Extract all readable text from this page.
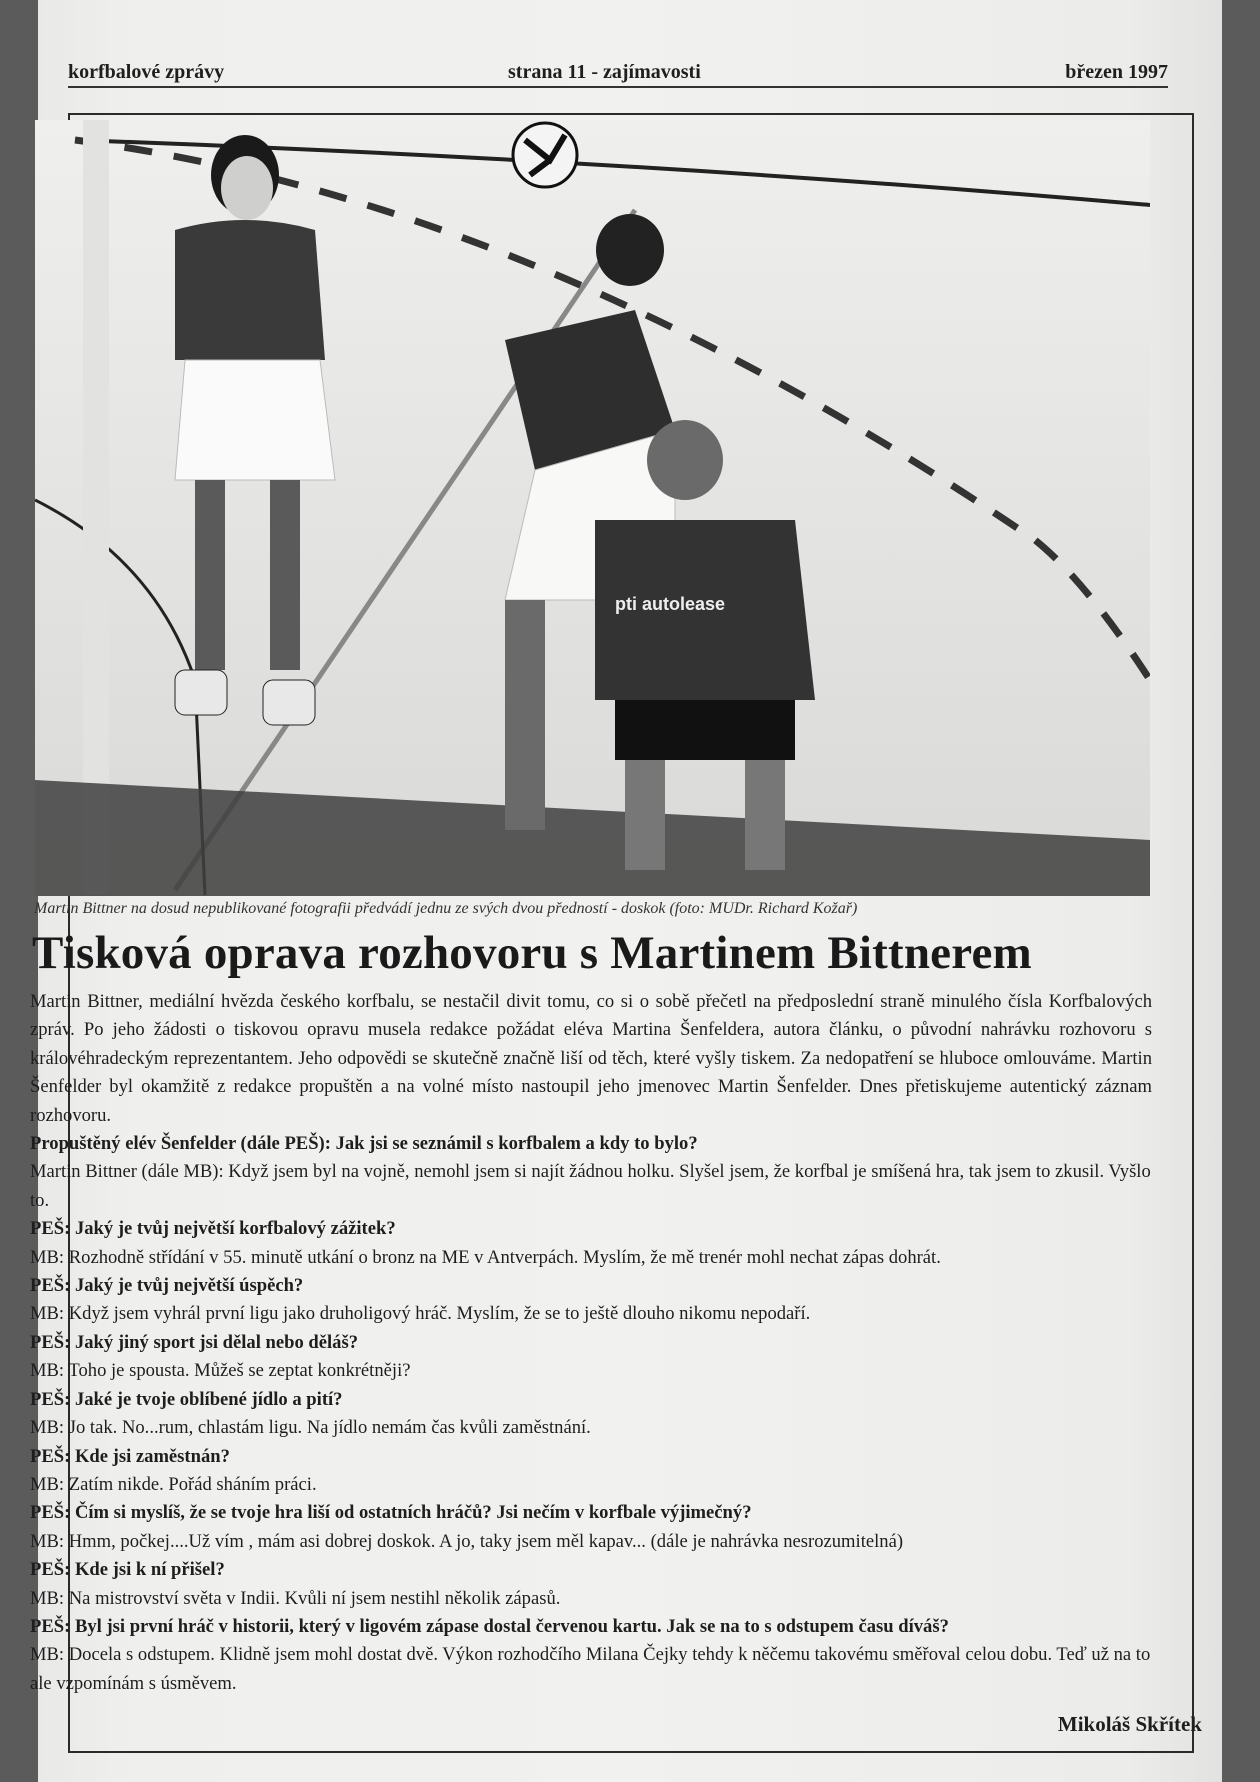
korfbalové zprávy	strana 11 - zajímavosti	březen 1997
pti autolease
Martin Bittner na dosud nepublikované fotografii předvádí jednu ze svých dvou předností - doskok (foto: MUDr. Richard Kožař)
Tisková oprava rozhovoru s Martinem Bittnerem

Martin Bittner, mediální hvězda českého korfbalu, se nestačil divit tomu, co si o sobě přečetl na předposlední straně minulého čísla Korfbalových zpráv. Po jeho žádosti o tiskovou opravu musela redakce požádat eléva Martina Šenfeldera, autora článku, o původní nahrávku rozhovoru s královéhradeckým reprezentantem. Jeho odpovědi se skutečně značně liší od těch, které vyšly tiskem. Za nedopatření se hluboce omlouváme. Martin Šenfelder byl okamžitě z redakce propuštěn a na volné místo nastoupil jeho jmenovec Martin Šenfelder. Dnes přetiskujeme autentický záznam rozhovoru.

Propuštěný elév Šenfelder (dále PEŠ): Jak jsi se seznámil s korfbalem a kdy to bylo?

Martin Bittner (dále MB): Když jsem byl na vojně, nemohl jsem si najít žádnou holku. Slyšel jsem, že korfbal je smíšená hra, tak jsem to zkusil. Vyšlo to.

PEŠ: Jaký je tvůj největší korfbalový zážitek?

MB: Rozhodně střídání v 55. minutě utkání o bronz na ME v Antverpách. Myslím, že mě trenér mohl nechat zápas dohrát.

PEŠ: Jaký je tvůj největší úspěch?

MB: Když jsem vyhrál první ligu jako druholigový hráč. Myslím, že se to ještě dlouho nikomu nepodaří.

PEŠ: Jaký jiný sport jsi dělal nebo děláš?

MB: Toho je spousta. Můžeš se zeptat konkrétněji?

PEŠ: Jaké je tvoje oblíbené jídlo a pití?

MB: Jo tak. No...rum, chlastám ligu. Na jídlo nemám čas kvůli zaměstnání.

PEŠ: Kde jsi zaměstnán?

MB: Zatím nikde. Pořád sháním práci.

PEŠ: Čím si myslíš, že se tvoje hra liší od ostatních hráčů? Jsi nečím v korfbale výjimečný?

MB: Hmm, počkej....Už vím , mám asi dobrej doskok. A jo, taky jsem měl kapav... (dále je nahrávka nesrozumitelná)

PEŠ: Kde jsi k ní přišel?

MB: Na mistrovství světa v Indii. Kvůli ní jsem nestihl několik zápasů.

PEŠ: Byl jsi první hráč v historii, který v ligovém zápase dostal červenou kartu. Jak se na to s odstupem času díváš?

MB: Docela s odstupem. Klidně jsem mohl dostat dvě. Výkon rozhodčího Milana Čejky tehdy k něčemu takovému směřoval celou dobu. Teď už na to ale vzpomínám s úsměvem.

Mikoláš Skřítek
